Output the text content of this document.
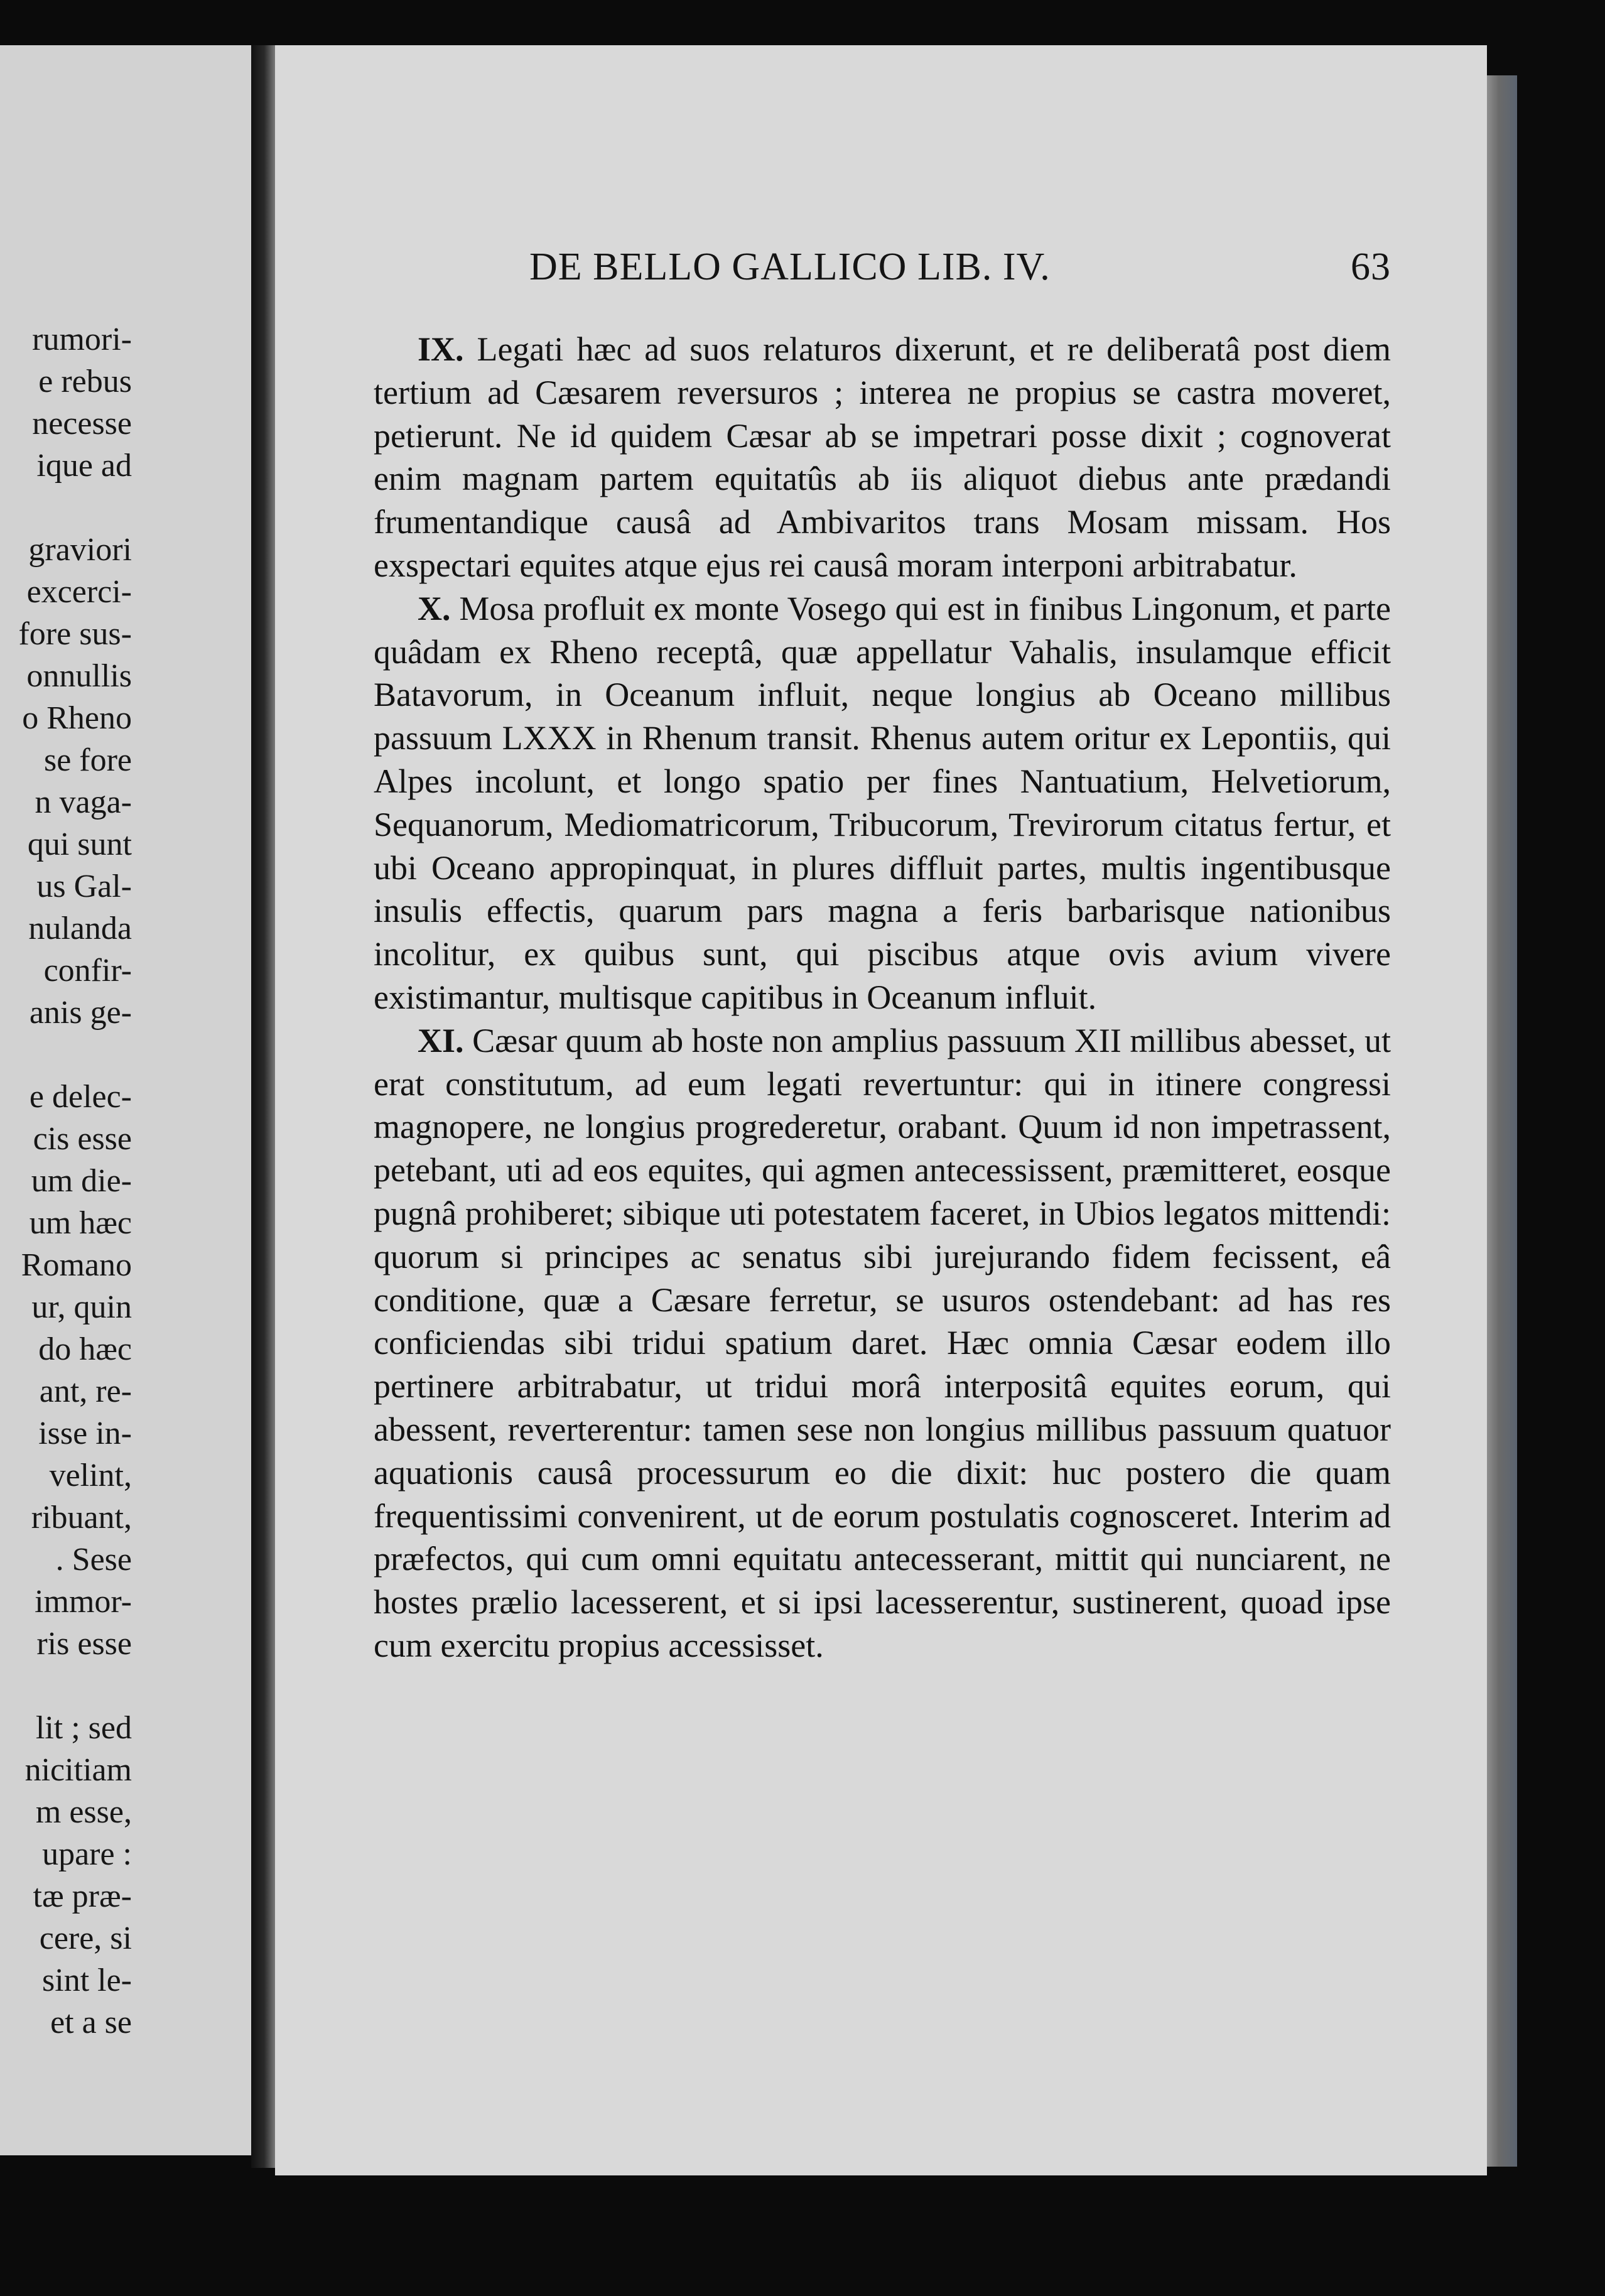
rumori-
e rebus
necesse
ique ad
graviori
excerci-
fore sus-
onnullis
o Rheno
se fore
n vaga-
qui sunt
us Gal-
nulanda
confir-
anis ge-
e delec-
cis esse
um die-
um hæc
Romano
ur, quin
do hæc
ant, re-
isse in-
velint,
ribuant,
. Sese
immor-
ris esse
lit ; sed
nicitiam
m esse,
upare :
tæ præ-
cere, si
sint le-
et a se
DE BELLO GALLICO LIB. IV.	63

IX. Legati hæc ad suos relaturos dixerunt, et re deliberatâ post diem tertium ad Cæsarem reversuros ; interea ne propius se castra moveret, petierunt. Ne id quidem Cæsar ab se impetrari posse dixit ; cognoverat enim magnam partem equitatûs ab iis aliquot diebus ante prædandi frumentandique causâ ad Ambivaritos trans Mosam missam. Hos exspectari equites atque ejus rei causâ moram interponi arbitrabatur.

X. Mosa profluit ex monte Vosego qui est in finibus Lingonum, et parte quâdam ex Rheno receptâ, quæ appellatur Vahalis, insulamque efficit Batavorum, in Oceanum influit, neque longius ab Oceano millibus passuum LXXX in Rhenum transit. Rhenus autem oritur ex Lepontiis, qui Alpes incolunt, et longo spatio per fines Nantuatium, Helvetiorum, Sequanorum, Mediomatricorum, Tribucorum, Trevirorum citatus fertur, et ubi Oceano appropinquat, in plures diffluit partes, multis ingentibusque insulis effectis, quarum pars magna a feris barbarisque nationibus incolitur, ex quibus sunt, qui piscibus atque ovis avium vivere existimantur, multisque capitibus in Oceanum influit.

XI. Cæsar quum ab hoste non amplius passuum XII millibus abesset, ut erat constitutum, ad eum legati revertuntur: qui in itinere congressi magnopere, ne longius progrederetur, orabant. Quum id non impetrassent, petebant, uti ad eos equites, qui agmen antecessissent, præmitteret, eosque pugnâ prohiberet; sibique uti potestatem faceret, in Ubios legatos mittendi: quorum si principes ac senatus sibi jurejurando fidem fecissent, eâ conditione, quæ a Cæsare ferretur, se usuros ostendebant: ad has res conficiendas sibi tridui spatium daret. Hæc omnia Cæsar eodem illo pertinere arbitrabatur, ut tridui morâ interpositâ equites eorum, qui abessent, reverterentur: tamen sese non longius millibus passuum quatuor aquationis causâ processurum eo die dixit: huc postero die quam frequentissimi convenirent, ut de eorum postulatis cognosceret. Interim ad præfectos, qui cum omni equitatu antecesserant, mittit qui nunciarent, ne hostes prælio lacesserent, et si ipsi lacesserentur, sustinerent, quoad ipse cum exercitu propius accessisset.
